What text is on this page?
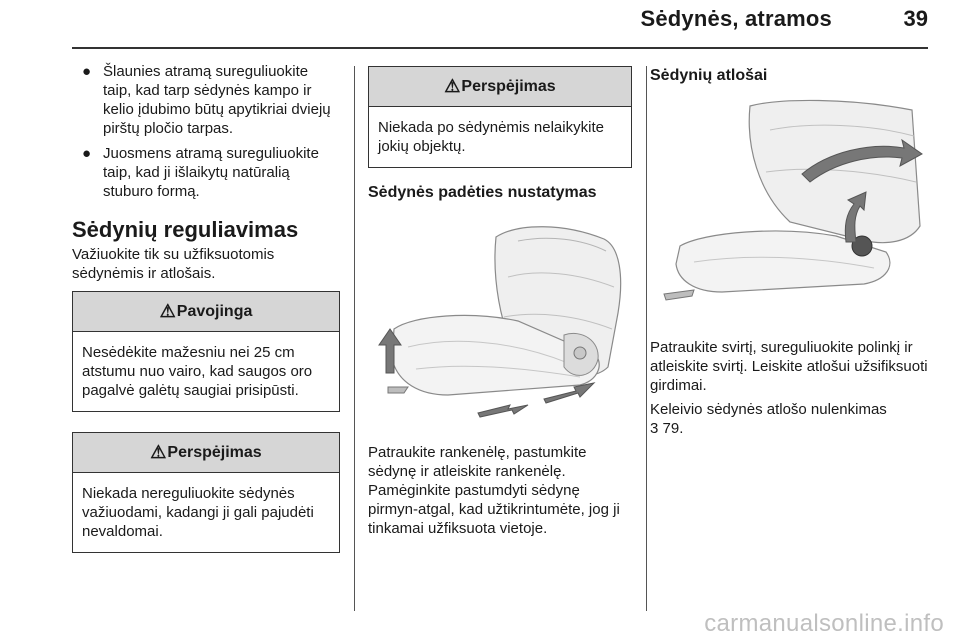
Sėdynės, atramos	39
● Šlaunies atramą sureguliuokite taip, kad tarp sėdynės kampo ir kelio įdubimo būtų apytikriai dviejų pirštų pločio tarpas.
● Juosmens atramą sureguliuokite taip, kad ji išlaikytų natūralią stuburo formą.
Sėdynių reguliavimas

Važiuokite tik su užfiksuotomis sėdynėmis ir atlošais.

⚠ Pavojinga
Nesėdėkite mažesniu nei 25 cm atstumu nuo vairo, kad saugos oro pagalvė galėtų saugiai prisipūsti.
⚠ Perspėjimas
Niekada nereguliuokite sėdynės važiuodami, kadangi ji gali pajudėti nevaldomai.
⚠ Perspėjimas
Niekada po sėdynėmis nelaikykite jokių objektų.
Sėdynės padėties nustatymas

Patraukite rankenėlę, pastumkite sėdynę ir atleiskite rankenėlę.

Pamėginkite pastumdyti sėdynę pirmyn-atgal, kad užtikrintumėte, jog ji tinkamai užfiksuota vietoje.

Sėdynių atlošai

Patraukite svirtį, sureguliuokite polinkį ir atleiskite svirtį. Leiskite atlošui užsifiksuoti girdimai.

Keleivio sėdynės atlošo nulenkimas
3 79.

carmanualsonline.info
